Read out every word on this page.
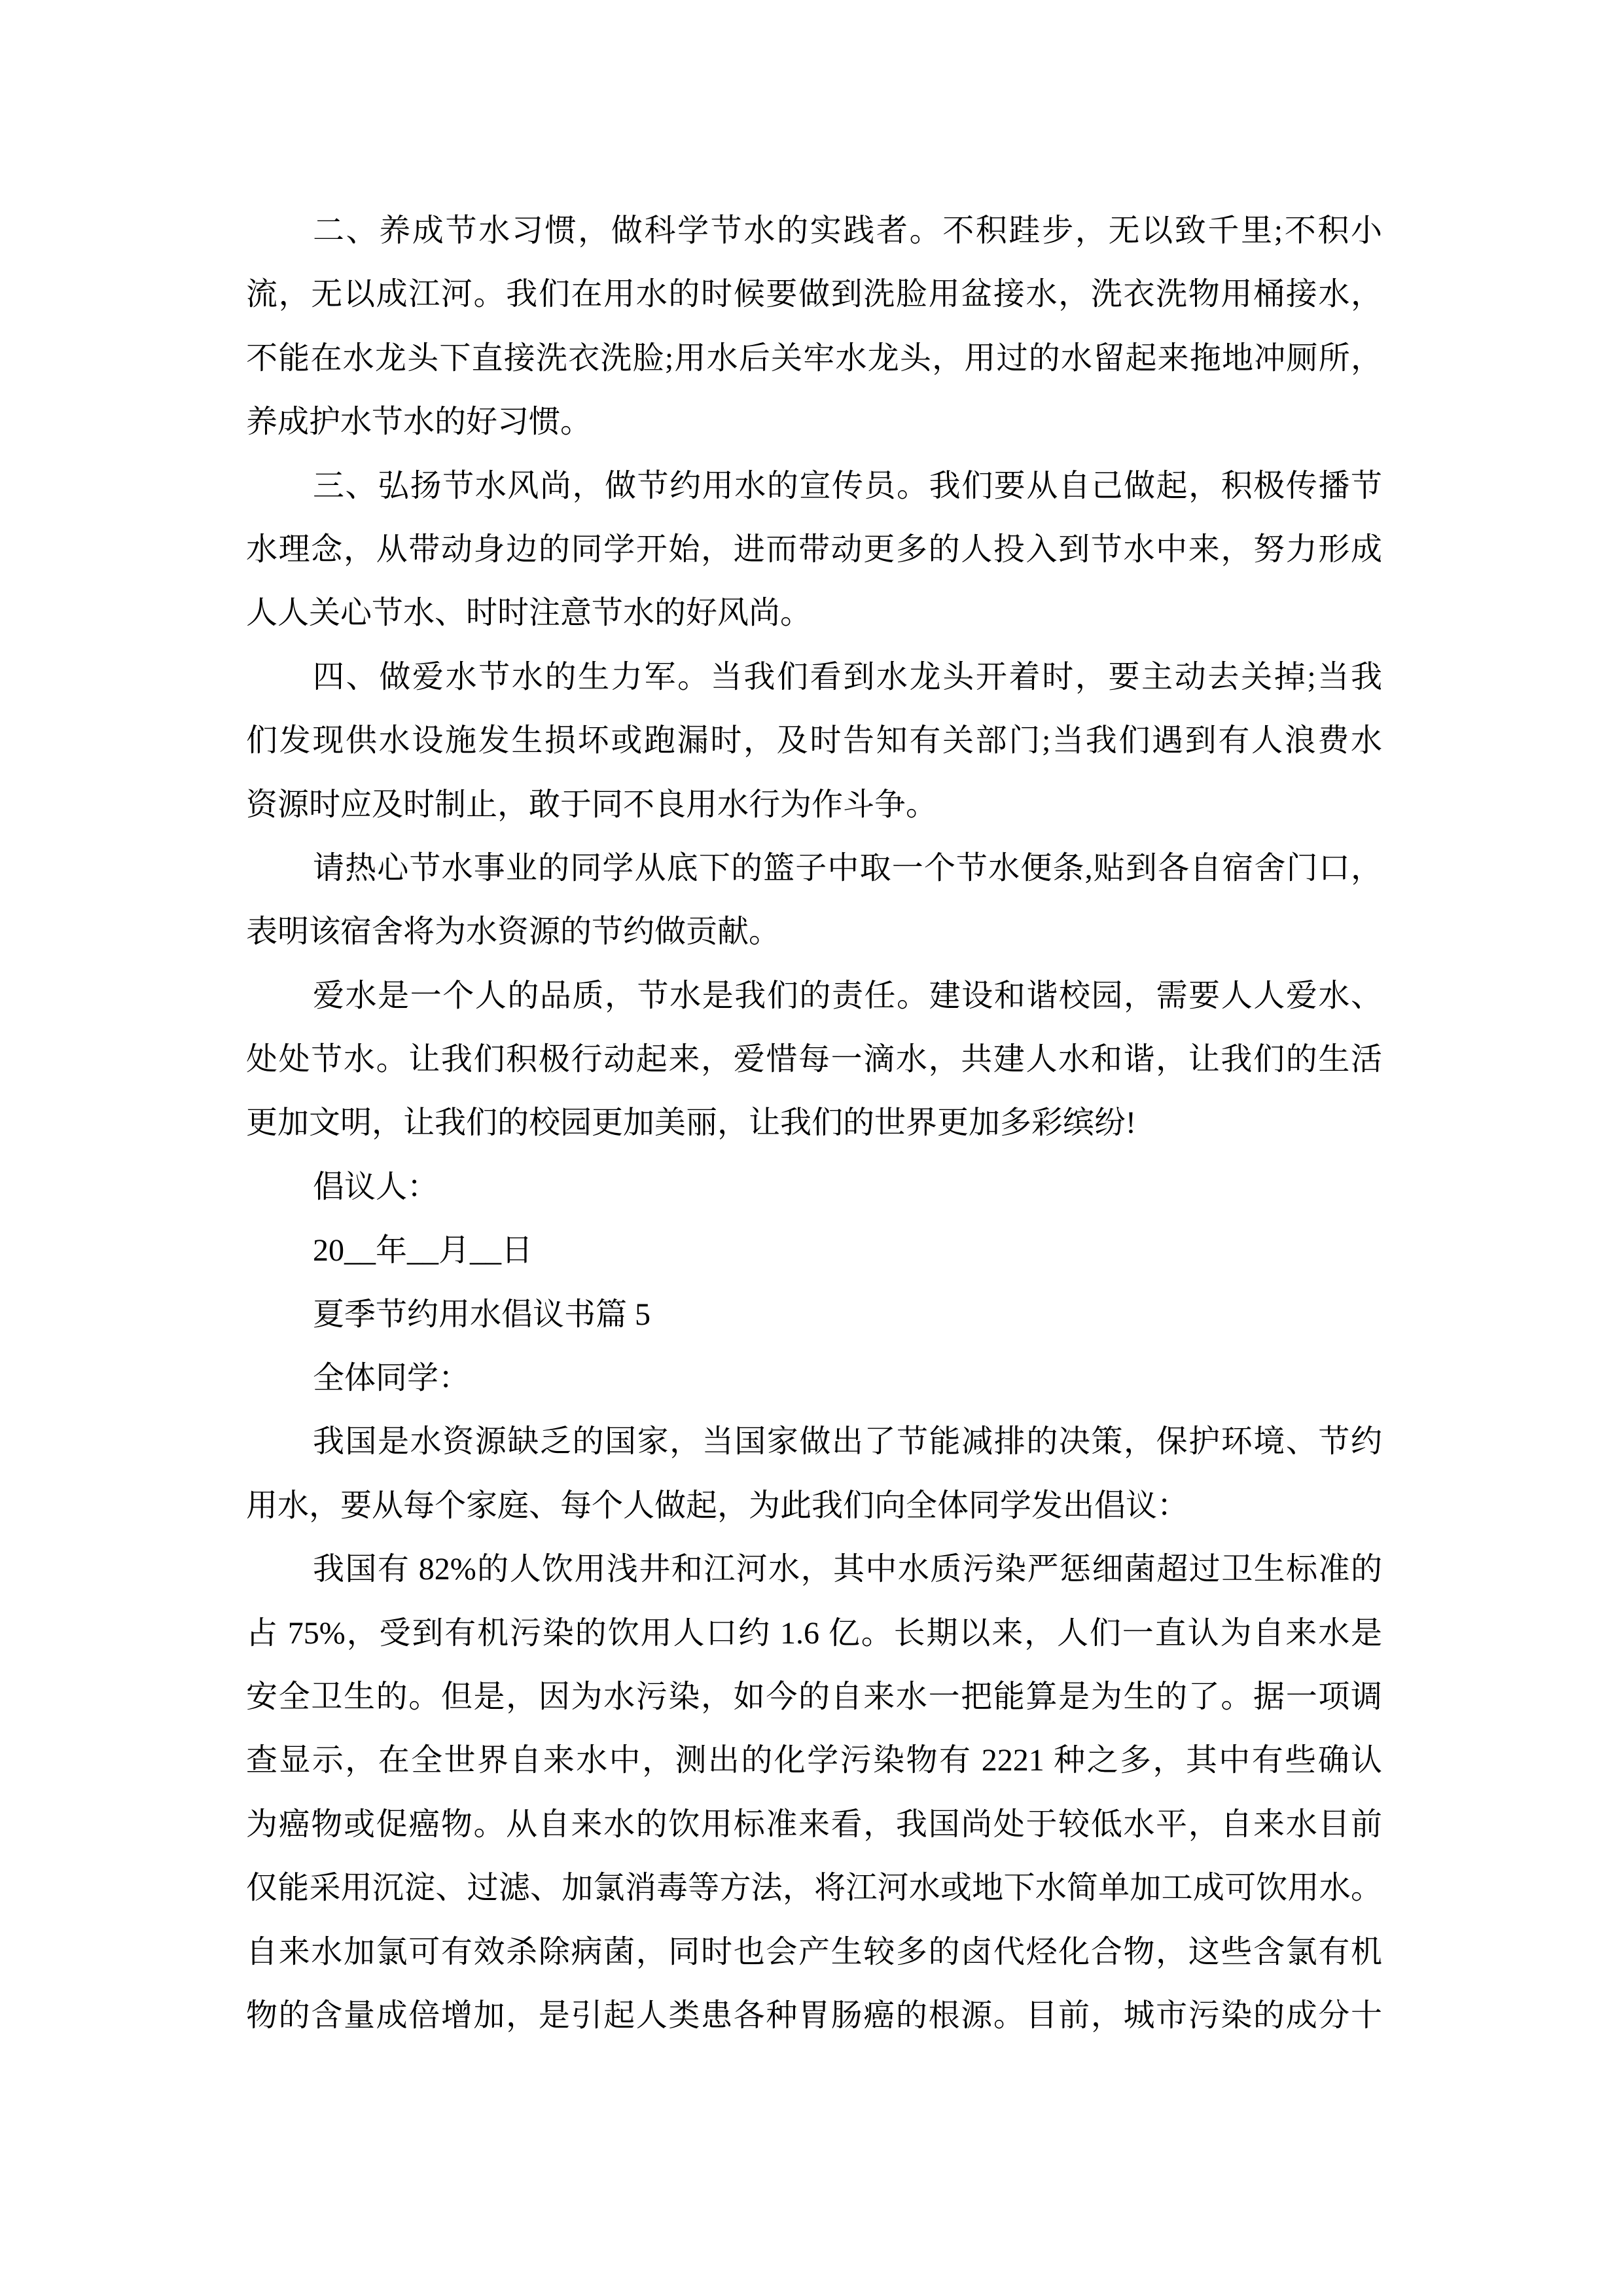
二、养成节水习惯，做科学节水的实践者。不积跬步，无以致千里;不积小
流，无以成江河。我们在用水的时候要做到洗脸用盆接水，洗衣洗物用桶接水，
不能在水龙头下直接洗衣洗脸;用水后关牢水龙头，用过的水留起来拖地冲厕所，
养成护水节水的好习惯。
三、弘扬节水风尚，做节约用水的宣传员。我们要从自己做起，积极传播节
水理念，从带动身边的同学开始，进而带动更多的人投入到节水中来，努力形成
人人关心节水、时时注意节水的好风尚。
四、做爱水节水的生力军。当我们看到水龙头开着时，要主动去关掉;当我
们发现供水设施发生损坏或跑漏时，及时告知有关部门;当我们遇到有人浪费水
资源时应及时制止，敢于同不良用水行为作斗争。
请热心节水事业的同学从底下的篮子中取一个节水便条,贴到各自宿舍门口，
表明该宿舍将为水资源的节约做贡献。
爱水是一个人的品质，节水是我们的责任。建设和谐校园，需要人人爱水、
处处节水。让我们积极行动起来，爱惜每一滴水，共建人水和谐，让我们的生活
更加文明，让我们的校园更加美丽，让我们的世界更加多彩缤纷!
倡议人：
20__年__月__日
夏季节约用水倡议书篇 5
全体同学：
我国是水资源缺乏的国家，当国家做出了节能减排的决策，保护环境、节约
用水，要从每个家庭、每个人做起，为此我们向全体同学发出倡议：
我国有 82%的人饮用浅井和江河水，其中水质污染严惩细菌超过卫生标准的
占 75%，受到有机污染的饮用人口约 1.6 亿。长期以来，人们一直认为自来水是
安全卫生的。但是，因为水污染，如今的自来水一把能算是为生的了。据一项调
查显示，在全世界自来水中，测出的化学污染物有 2221 种之多，其中有些确认
为癌物或促癌物。从自来水的饮用标准来看，我国尚处于较低水平，自来水目前
仅能采用沉淀、过滤、加氯消毒等方法，将江河水或地下水简单加工成可饮用水。
自来水加氯可有效杀除病菌，同时也会产生较多的卤代烃化合物，这些含氯有机
物的含量成倍增加，是引起人类患各种胃肠癌的根源。目前，城市污染的成分十
